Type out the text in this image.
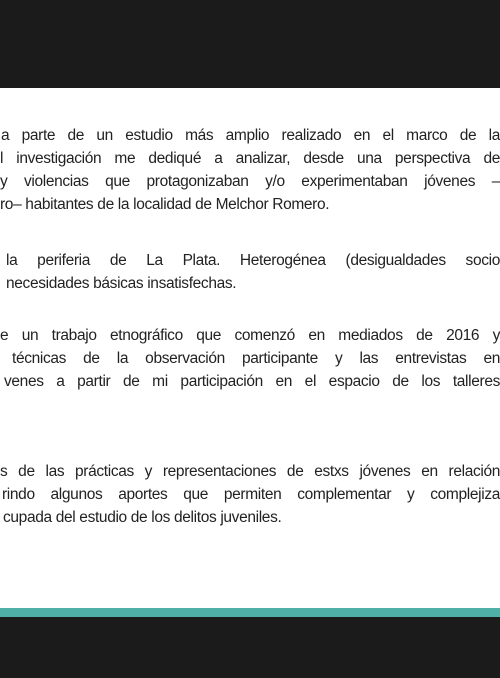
a parte de un estudio más amplio realizado en el marco de la
l investigación me dediqué a analizar, desde una perspectiva de
y violencias que protagonizaban y/o experimentaban jóvenes –
ro– habitantes de la localidad de Melchor Romero.
la periferia de La Plata. Heterogénea (desigualdades socio
necesidades básicas insatisfechas.
e un trabajo etnográfico que comenzó en mediados de 2016 y
técnicas de la observación participante y las entrevistas en
venes a partir de mi participación en el espacio de los talleres
s de las prácticas y representaciones de estxs jóvenes en relación
rindo algunos aportes que permiten complementar y complejiza
cupada del estudio de los delitos juveniles.
